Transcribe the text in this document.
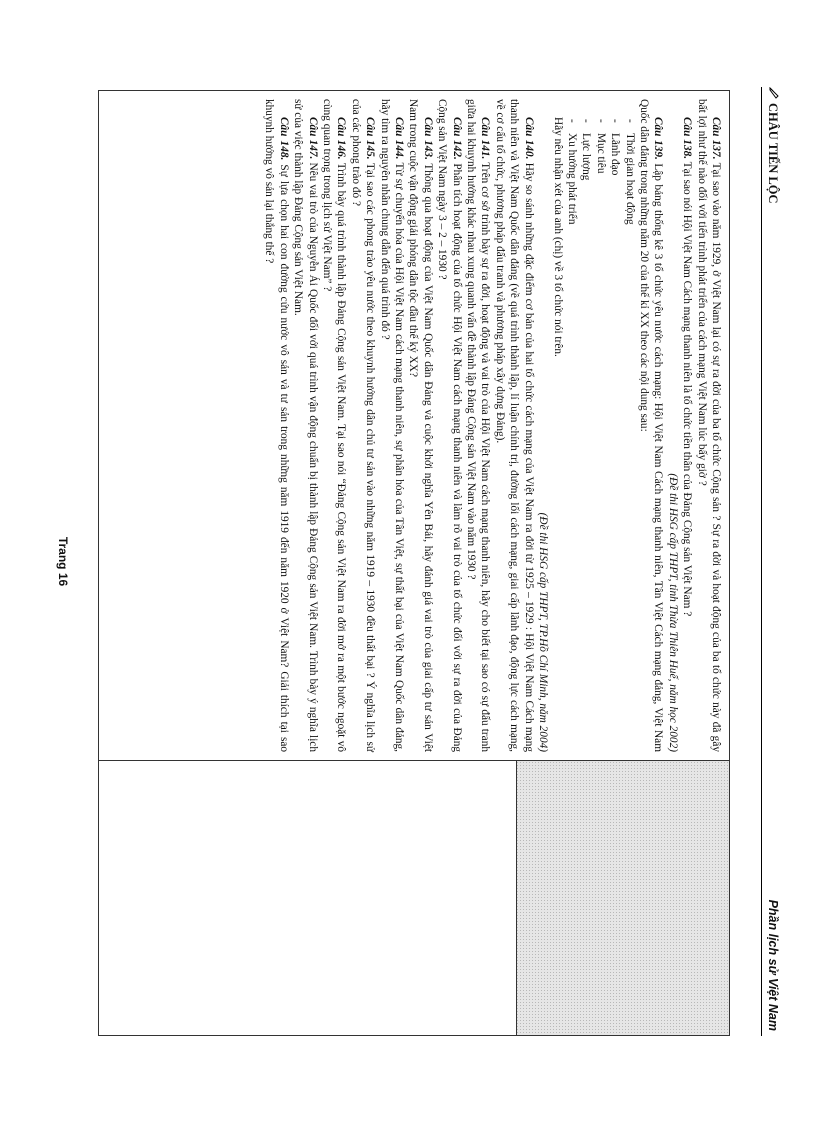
CHÂU TIẾN LỘC
Phần lịch sử Việt Nam

Câu 137. Tại sao vào năm 1929, ở Việt Nam lại có sự ra đời của ba tổ chức Cộng sản ? Sự ra đời và hoạt động của ba tổ chức này đã gây bất lợi như thế nào đối với tiến trình phát triển của cách mạng Việt Nam lúc bấy giờ ?

Câu 138. Tại sao nói Hội Việt Nam Cách mạng thanh niên là tổ chức tiền thân của Đảng Cộng sản Việt Nam ?

(Đề thi HSG cấp THPT, tỉnh Thừa Thiên Huế, năm học 2002)

Câu 139. Lập bảng thống kê 3 tổ chức yêu nước cách mạng: Hội Việt Nam Cách mạng thanh niên, Tân Việt Cách mạng đảng, Việt Nam Quốc dân đảng trong những năm 20 của thế kỉ XX theo các nội dung sau:

- Thời gian hoạt động
- Lãnh đạo
- Mục tiêu
- Lực lượng
- Xu hướng phát triển

Hãy nêu nhận xét của anh (chị) về 3 tổ chức nói trên.

(Đề thi HSG cấp THPT, TP.Hồ Chí Minh, năm 2004)

Câu 140. Hãy so sánh những đặc điểm cơ bản của hai tổ chức cách mạng của Việt Nam ra đời từ 1925 – 1929 : Hội Việt Nam Cách mạng thanh niên và Việt Nam Quốc dân đảng (về quá trình thành lập, lí luận chính trị, đường lối cách mạng, giai cấp lãnh đạo, động lực cách mạng, về cơ cấu tổ chức, phương pháp đấu tranh và phương pháp xây dựng Đảng).

Câu 141. Trên cơ sở trình bày sự ra đời, hoạt động và vai trò của Hội Việt Nam cách mạng thanh niên, hãy cho biết tại sao có sự đấu tranh giữa hai khuynh hướng khác nhau xung quanh vấn đề thành lập Đảng Cộng sản Việt Nam vào năm 1930 ?

Câu 142. Phân tích hoạt động của tổ chức Hội Việt Nam cách mạng thanh niên và làm rõ vai trò của tổ chức đối với sự ra đời của Đảng Cộng sản Việt Nam ngày 3 – 2 – 1930 ?

Câu 143. Thông qua hoạt động của Việt Nam Quốc dân Đảng và cuộc khởi nghĩa Yên Bái, hãy đánh giá vai trò của giai cấp tư sản Việt Nam trong cuộc vận động giải phóng dân tộc đầu thế kỷ XX?

Câu 144. Từ sự chuyển hóa của Hội Việt Nam cách mạng thanh niên, sự phân hóa của Tân Việt, sự thất bại của Việt Nam Quốc dân đảng, hãy tìm ra nguyên nhân chung dẫn đến quá trình đó ?

Câu 145. Tại sao các phong trào yêu nước theo khuynh hướng dân chủ tư sản vào những năm 1919 – 1930 đều thất bại ? Ý nghĩa lịch sử của các phong trào đó ?

Câu 146. Trình bày quá trình thành lập Đảng Cộng sản Việt Nam. Tại sao nói “Đảng Cộng sản Việt Nam ra đời mở ra một bước ngoặt vô cùng quan trọng trong lịch sử Việt Nam” ?

Câu 147. Nêu vai trò của Nguyễn Ái Quốc đối với quá trình vận động chuẩn bị thành lập Đảng Cộng sản Việt Nam. Trình bày ý nghĩa lịch sử của việc thành lập Đảng Cộng sản Việt Nam.

Câu 148. Sự lựa chọn hai con đường cứu nước vô sản và tư sản trong những năm 1919 đến năm 1920 ở Việt Nam? Giải thích tại sao khuynh hướng vô sản lại thắng thế ?

Trang 16
